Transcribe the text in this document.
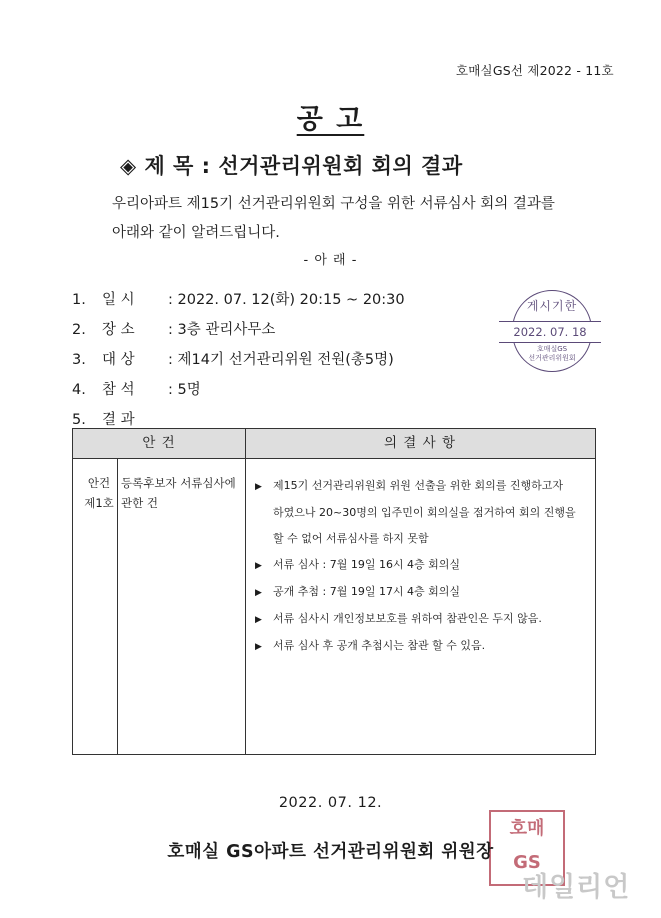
호매실GS선 제2022 - 11호
공 고
◈ 제 목 : 선거관리위원회 회의 결과
우리아파트 제15기 선거관리위원회 구성을 위한 서류심사 회의 결과를
아래와 같이 알려드립니다.
- 아 래 -
1. 일 시 : 2022. 07. 12(화) 20:15 ~ 20:30
2. 장 소 : 3층 관리사무소
3. 대 상 : 제14기 선거관리위원 전원(총5명)
4. 참 석 : 5명
5. 결 과
게시기한
2022. 07. 18
호매실GS
선거관리위원회
안 건	의 결 사 항
안건
제1호
등록후보자 서류심사에
관한 건
▶ 제15기 선거관리위원회 위원 선출을 위한 회의를 진행하고자
하였으나 20~30명의 입주민이 회의실을 점거하여 회의 진행을
할 수 없어 서류심사를 하지 못함
▶ 서류 심사 : 7월 19일 16시 4층 회의실
▶ 공개 추첨 : 7월 19일 17시 4층 회의실
▶ 서류 심사시 개인정보보호를 위하여 참관인은 두지 않음.
▶ 서류 심사 후 공개 추첨시는 참관 할 수 있음.
2022. 07. 12.
호매
GS
호매실 GS아파트 선거관리위원회 위원장
데일리언
